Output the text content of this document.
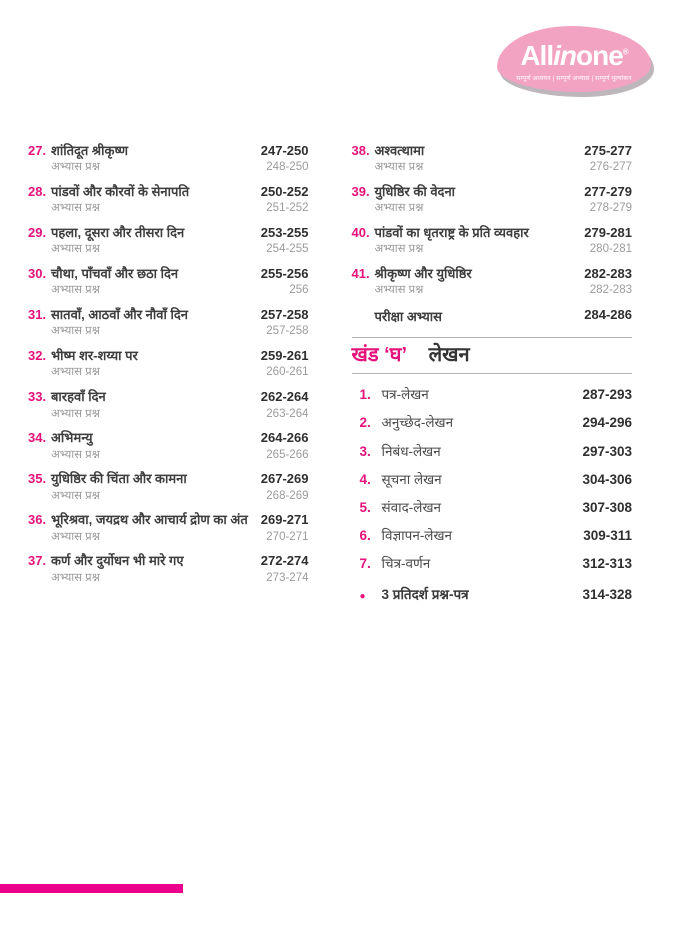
Allinone®
सम्पूर्ण अध्ययन | सम्पूर्ण अभ्यास | सम्पूर्ण मूल्यांकन
27. शांतिदूत श्रीकृष्ण	247-250
अभ्यास प्रश्न	248-250
28. पांडवों और कौरवों के सेनापति	250-252
अभ्यास प्रश्न	251-252
29. पहला, दूसरा और तीसरा दिन	253-255
अभ्यास प्रश्न	254-255
30. चौथा, पाँचवाँ और छठा दिन	255-256
अभ्यास प्रश्न	256
31. सातवाँ, आठवाँ और नौवाँ दिन	257-258
अभ्यास प्रश्न	257-258
32. भीष्म शर-शय्या पर	259-261
अभ्यास प्रश्न	260-261
33. बारहवाँ दिन	262-264
अभ्यास प्रश्न	263-264
34. अभिमन्यु	264-266
अभ्यास प्रश्न	265-266
35. युधिष्ठिर की चिंता और कामना	267-269
अभ्यास प्रश्न	268-269
36. भूरिश्रवा, जयद्रथ और आचार्य द्रोण का अंत	269-271
अभ्यास प्रश्न	270-271
37. कर्ण और दुर्योधन भी मारे गए	272-274
अभ्यास प्रश्न	273-274
38. अश्वत्थामा	275-277
अभ्यास प्रश्न	276-277
39. युधिष्ठिर की वेदना	277-279
अभ्यास प्रश्न	278-279
40. पांडवों का धृतराष्ट्र के प्रति व्यवहार	279-281
अभ्यास प्रश्न	280-281
41. श्रीकृष्ण और युधिष्ठिर	282-283
अभ्यास प्रश्न	282-283
परीक्षा अभ्यास	284-286
खंड ‘घ’ लेखन
1. पत्र-लेखन	287-293
2. अनुच्छेद-लेखन	294-296
3. निबंध-लेखन	297-303
4. सूचना लेखन	304-306
5. संवाद-लेखन	307-308
6. विज्ञापन-लेखन	309-311
7. चित्र-वर्णन	312-313
●	3 प्रतिदर्श प्रश्न-पत्र	314-328
